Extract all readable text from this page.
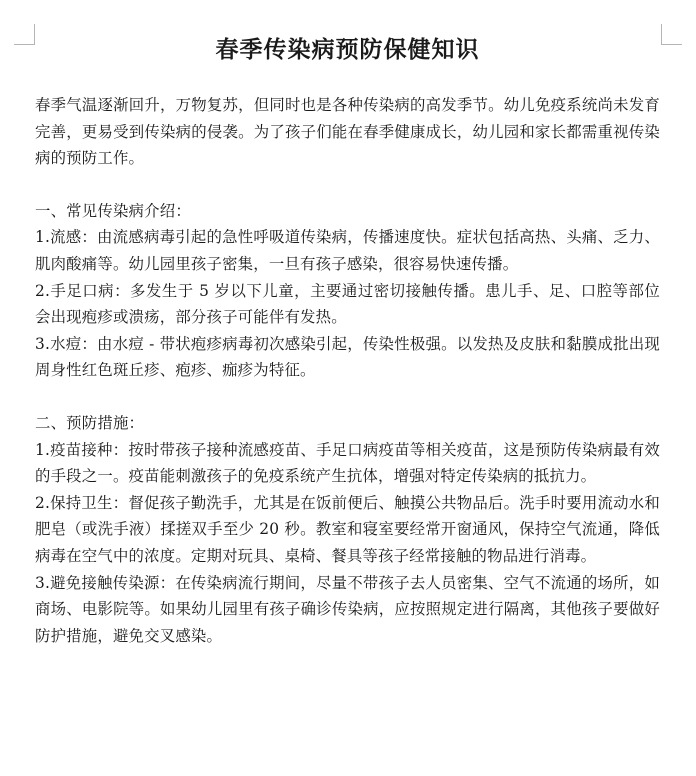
春季传染病预防保健知识

春季气温逐渐回升，万物复苏，但同时也是各种传染病的高发季节。幼儿免疫系统尚未发育完善，更易受到传染病的侵袭。为了孩子们能在春季健康成长，幼儿园和家长都需重视传染病的预防工作。

一、常见传染病介绍：

1.流感：由流感病毒引起的急性呼吸道传染病，传播速度快。症状包括高热、头痛、乏力、肌肉酸痛等。幼儿园里孩子密集，一旦有孩子感染，很容易快速传播。

2.手足口病：多发生于 5 岁以下儿童，主要通过密切接触传播。患儿手、足、口腔等部位会出现疱疹或溃疡，部分孩子可能伴有发热。

3.水痘：由水痘 - 带状疱疹病毒初次感染引起，传染性极强。以发热及皮肤和黏膜成批出现周身性红色斑丘疹、疱疹、痂疹为特征。

二、预防措施：

1.疫苗接种：按时带孩子接种流感疫苗、手足口病疫苗等相关疫苗，这是预防传染病最有效的手段之一。疫苗能刺激孩子的免疫系统产生抗体，增强对特定传染病的抵抗力。

2.保持卫生：督促孩子勤洗手，尤其是在饭前便后、触摸公共物品后。洗手时要用流动水和肥皂（或洗手液）揉搓双手至少 20 秒。教室和寝室要经常开窗通风，保持空气流通，降低病毒在空气中的浓度。定期对玩具、桌椅、餐具等孩子经常接触的物品进行消毒。

3.避免接触传染源：在传染病流行期间，尽量不带孩子去人员密集、空气不流通的场所，如商场、电影院等。如果幼儿园里有孩子确诊传染病，应按照规定进行隔离，其他孩子要做好防护措施，避免交叉感染。
